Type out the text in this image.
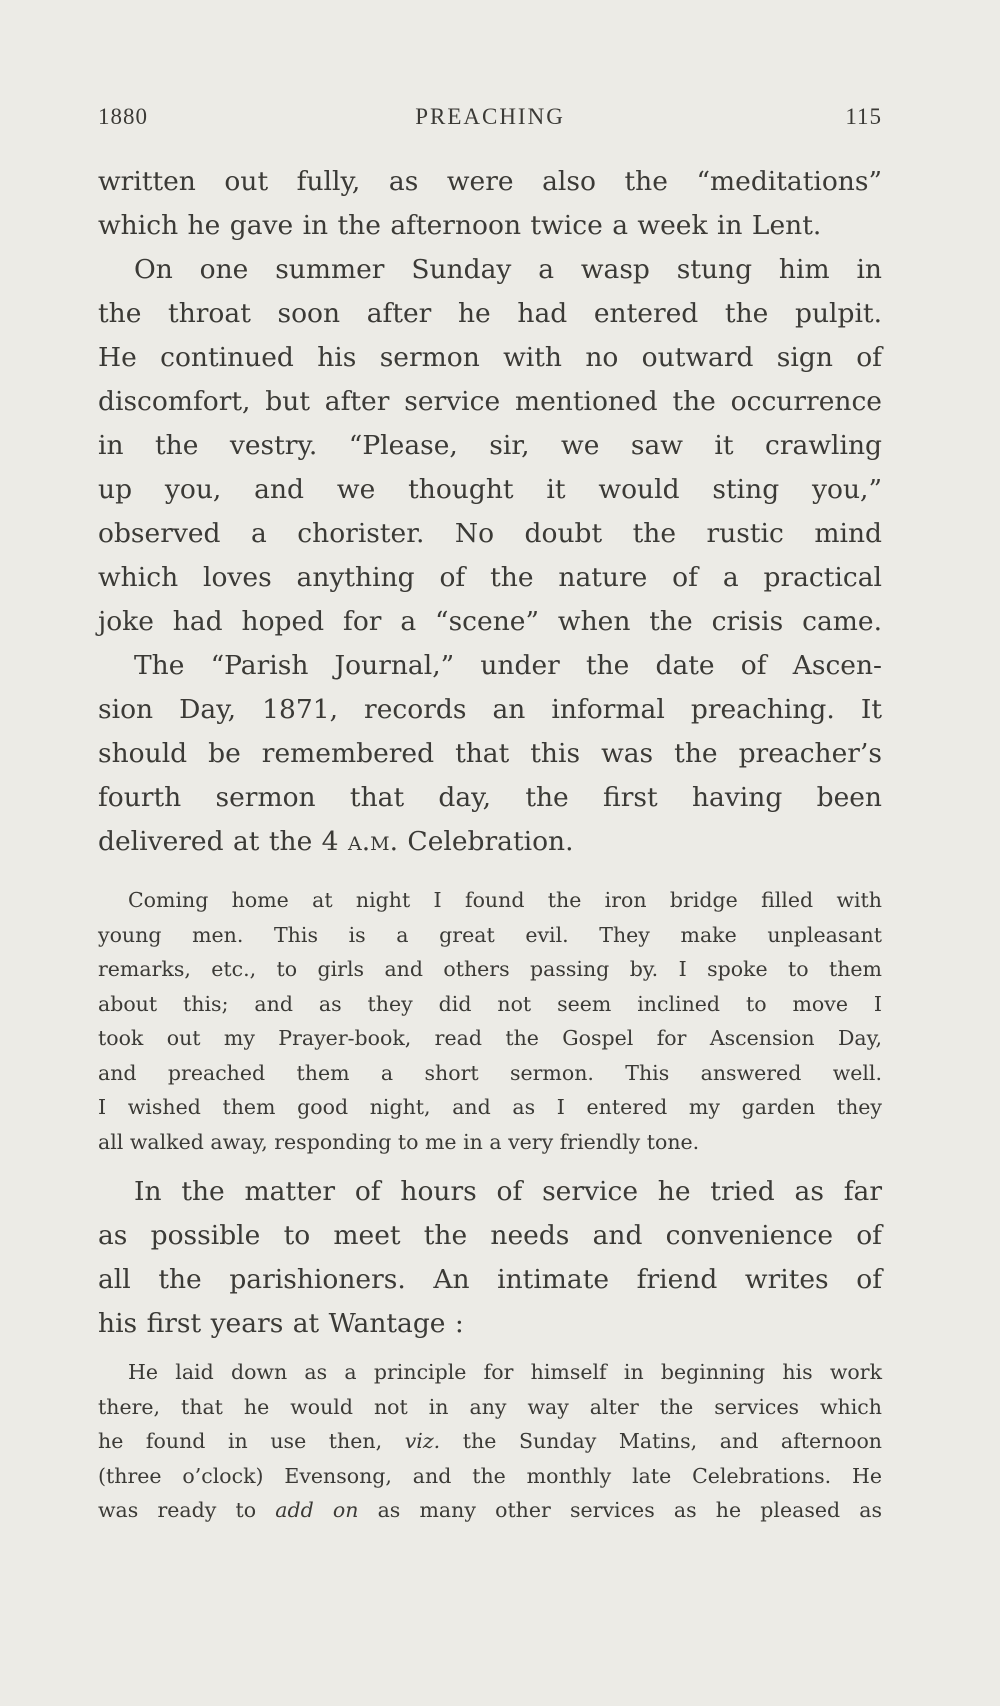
1880	PREACHING	115
written out fully, as were also the “meditations”
which he gave in the afternoon twice a week in Lent.
On one summer Sunday a wasp stung him in
the throat soon after he had entered the pulpit.
He continued his sermon with no outward sign of
discomfort, but after service mentioned the occurrence
in the vestry. “Please, sir, we saw it crawling
up you, and we thought it would sting you,”
observed a chorister. No doubt the rustic mind
which loves anything of the nature of a practical
joke had hoped for a “scene” when the crisis came.
The “Parish Journal,” under the date of Ascen-
sion Day, 1871, records an informal preaching. It
should be remembered that this was the preacher’s
fourth sermon that day, the first having been
delivered at the 4 a.m. Celebration.
Coming home at night I found the iron bridge filled with
young men. This is a great evil. They make unpleasant
remarks, etc., to girls and others passing by. I spoke to them
about this; and as they did not seem inclined to move I
took out my Prayer-book, read the Gospel for Ascension Day,
and preached them a short sermon. This answered well.
I wished them good night, and as I entered my garden they
all walked away, responding to me in a very friendly tone.
In the matter of hours of service he tried as far
as possible to meet the needs and convenience of
all the parishioners. An intimate friend writes of
his first years at Wantage :
He laid down as a principle for himself in beginning his work
there, that he would not in any way alter the services which
he found in use then, viz. the Sunday Matins, and afternoon
(three o’clock) Evensong, and the monthly late Celebrations. He
was ready to add on as many other services as he pleased as
